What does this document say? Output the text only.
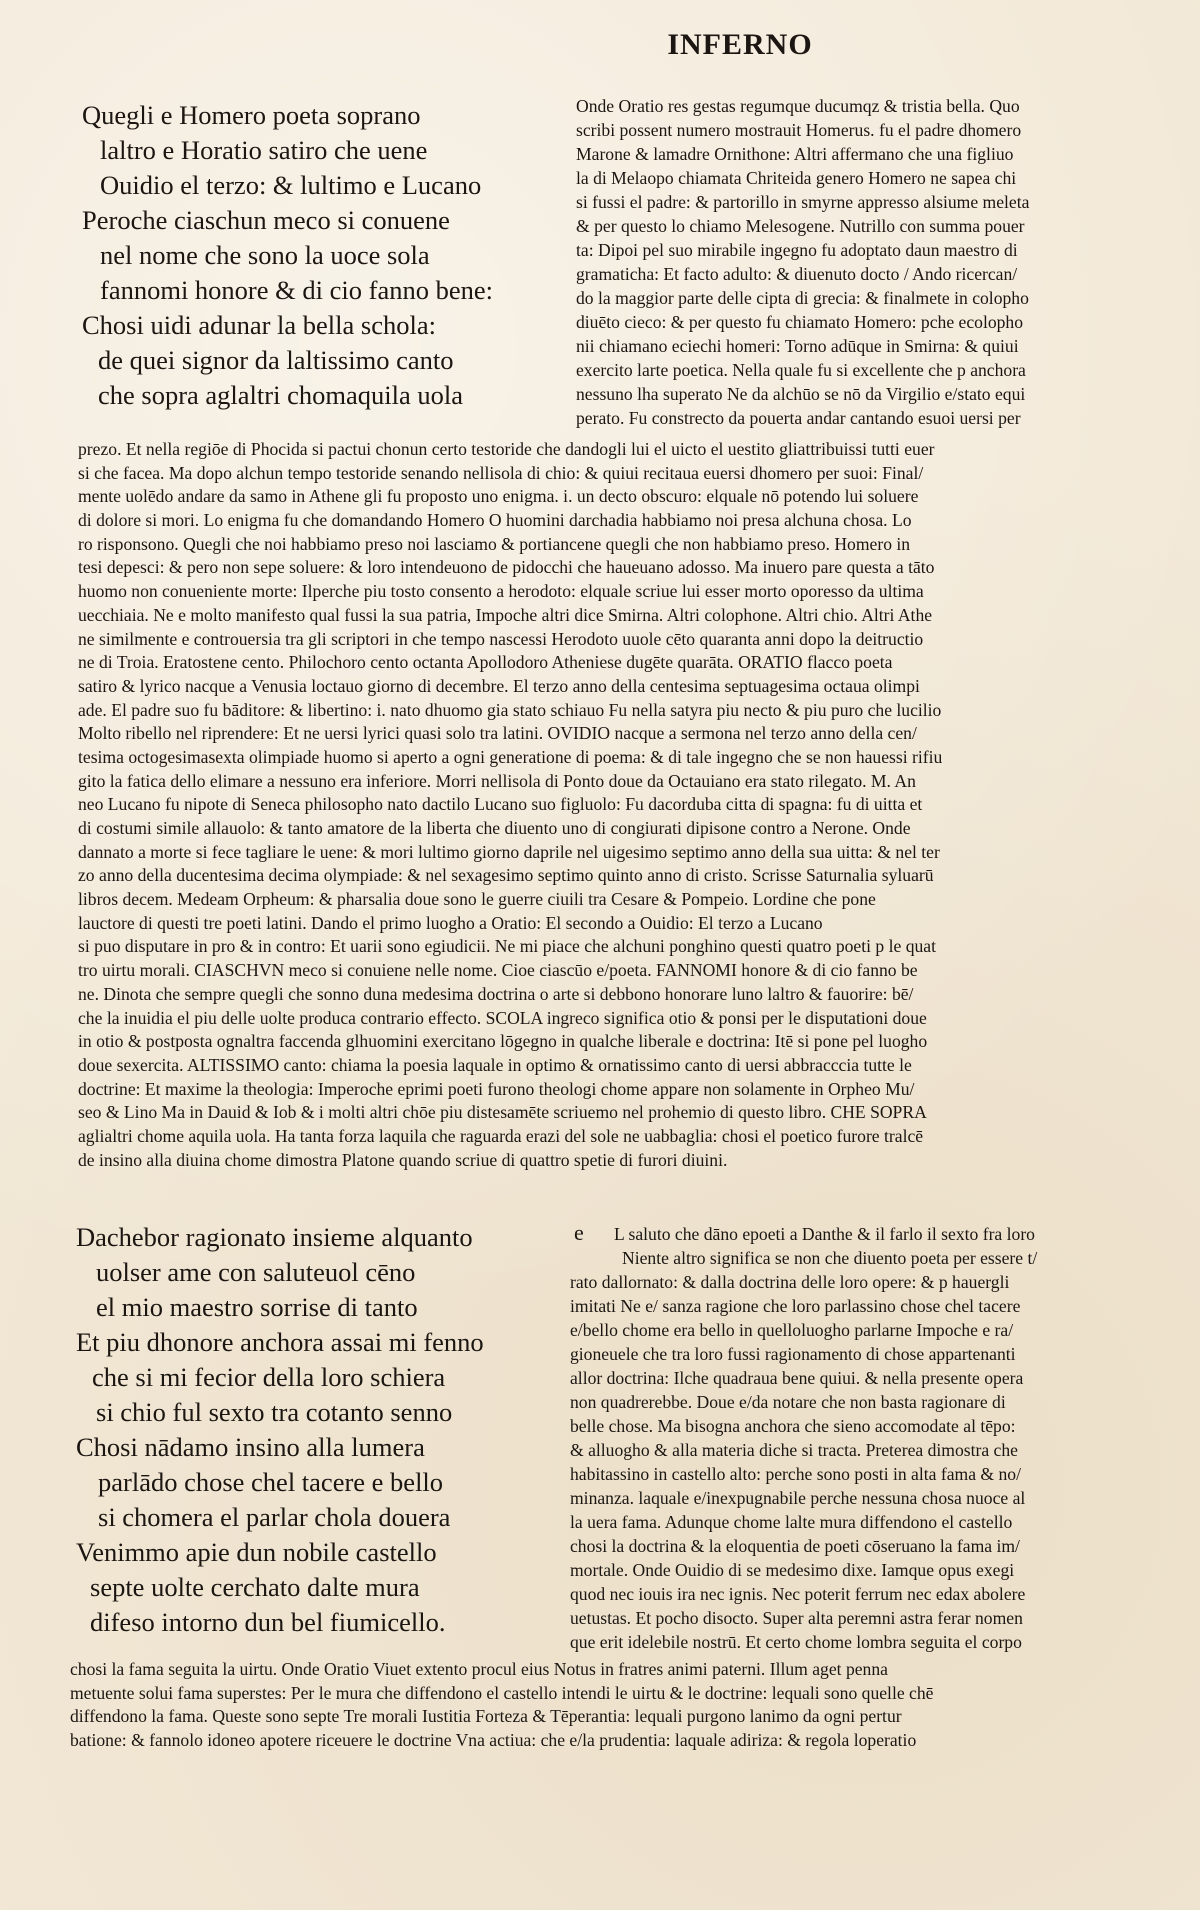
INFERNO
Quegli e Homero poeta soprano
laltro e Horatio satiro che uene
Ouidio el terzo: & lultimo e Lucano
Peroche ciaschun meco si conuene
nel nome che sono la uoce sola
fannomi honore & di cio fanno bene:
Chosi uidi adunar la bella schola:
de quei signor da laltissimo canto
che sopra aglaltri chomaquila uola
Onde Oratio res gestas regumque ducumqz & tristia bella. Quo
scribi possent numero mostrauit Homerus. fu el padre dhomero
Marone & lamadre Ornithone: Altri affermano che una figliuo
la di Melaopo chiamata Chriteida genero Homero ne sapea chi
si fussi el padre: & partorillo in smyrne appresso alsiume meleta
& per questo lo chiamo Melesogene. Nutrillo con summa pouer
ta: Dipoi pel suo mirabile ingegno fu adoptato daun maestro di
gramaticha: Et facto adulto: & diuenuto docto / Ando ricercan/
do la maggior parte delle cipta di grecia: & finalmete in colopho
diuēto cieco: & per questo fu chiamato Homero: pche ecolopho
nii chiamano eciechi homeri: Torno adūque in Smirna: & quiui
exercito larte poetica. Nella quale fu si excellente che p anchora
nessuno lha superato Ne da alchūo se nō da Virgilio e/stato equi
perato. Fu constrecto da pouerta andar cantando esuoi uersi per
prezo. Et nella regiōe di Phocida si pactui chonun certo testoride che dandogli lui el uicto el uestito gliattribuissi tutti euer
si che facea. Ma dopo alchun tempo testoride senando nellisola di chio: & quiui recitaua euersi dhomero per suoi: Final/
mente uolēdo andare da samo in Athene gli fu proposto uno enigma. i. un decto obscuro: elquale nō potendo lui soluere
di dolore si mori. Lo enigma fu che domandando Homero O huomini darchadia habbiamo noi presa alchuna chosa. Lo
ro risponsono. Quegli che noi habbiamo preso noi lasciamo & portiancene quegli che non habbiamo preso. Homero in
tesi depesci: & pero non sepe soluere: & loro intendeuono de pidocchi che haueuano adosso. Ma inuero pare questa a tāto
huomo non conueniente morte: Ilperche piu tosto consento a herodoto: elquale scriue lui esser morto oporesso da ultima
uecchiaia. Ne e molto manifesto qual fussi la sua patria, Impoche altri dice Smirna. Altri colophone. Altri chio. Altri Athe
ne similmente e controuersia tra gli scriptori in che tempo nascessi Herodoto uuole cēto quaranta anni dopo la deitructio
ne di Troia. Eratostene cento. Philochoro cento octanta Apollodoro Atheniese dugēte quarāta. ORATIO flacco poeta
satiro & lyrico nacque a Venusia loctauo giorno di decembre. El terzo anno della centesima septuagesima octaua olimpi
ade. El padre suo fu bāditore: & libertino: i. nato dhuomo gia stato schiauo Fu nella satyra piu necto & piu puro che lucilio
Molto ribello nel riprendere: Et ne uersi lyrici quasi solo tra latini. OVIDIO nacque a sermona nel terzo anno della cen/
tesima octogesimasexta olimpiade huomo si aperto a ogni generatione di poema: & di tale ingegno che se non hauessi rifiu
gito la fatica dello elimare a nessuno era inferiore. Morri nellisola di Ponto doue da Octauiano era stato rilegato. M. An
neo Lucano fu nipote di Seneca philosopho nato dactilo Lucano suo figluolo: Fu dacorduba citta di spagna: fu di uitta et
di costumi simile allauolo: & tanto amatore de la liberta che diuento uno di congiurati dipisone contro a Nerone. Onde
dannato a morte si fece tagliare le uene: & mori lultimo giorno daprile nel uigesimo septimo anno della sua uitta: & nel ter
zo anno della ducentesima decima olympiade: & nel sexagesimo septimo quinto anno di cristo. Scrisse Saturnalia syluarū
libros decem. Medeam Orpheum: & pharsalia doue sono le guerre ciuili tra Cesare & Pompeio. Lordine che pone
lauctore di questi tre poeti latini. Dando el primo luogho a Oratio: El secondo a Ouidio: El terzo a Lucano
si puo disputare in pro & in contro: Et uarii sono egiudicii. Ne mi piace che alchuni ponghino questi quatro poeti p le quat
tro uirtu morali. CIASCHVN meco si conuiene nelle nome. Cioe ciascūo e/poeta. FANNOMI honore & di cio fanno be
ne. Dinota che sempre quegli che sonno duna medesima doctrina o arte si debbono honorare luno laltro & fauorire: bē/
che la inuidia el piu delle uolte produca contrario effecto. SCOLA ingreco significa otio & ponsi per le disputationi doue
in otio & postposta ognaltra faccenda glhuomini exercitano lōgegno in qualche liberale e doctrina: Itē si pone pel luogho
doue sexercita. ALTISSIMO canto: chiama la poesia laquale in optimo & ornatissimo canto di uersi abbracccia tutte le
doctrine: Et maxime la theologia: Imperoche eprimi poeti furono theologi chome appare non solamente in Orpheo Mu/
seo & Lino Ma in Dauid & Iob & i molti altri chōe piu distesamēte scriuemo nel prohemio di questo libro. CHE SOPRA
aglialtri chome aquila uola. Ha tanta forza laquila che raguarda erazi del sole ne uabbaglia: chosi el poetico furore tralcē
de insino alla diuina chome dimostra Platone quando scriue di quattro spetie di furori diuini.
Dachebor ragionato insieme alquanto
uolser ame con saluteuol cēno
el mio maestro sorrise di tanto
Et piu dhonore anchora assai mi fenno
che si mi fecior della loro schiera
si chio ful sexto tra cotanto senno
Chosi nādamo insino alla lumera
parlādo chose chel tacere e bello
si chomera el parlar chola douera
Venimmo apie dun nobile castello
septe uolte cerchato dalte mura
difeso intorno dun bel fiumicello.
e	L saluto che dāno epoeti a Danthe & il farlo il sexto fra loro
Niente altro significa se non che diuento poeta per essere t/
rato dallornato: & dalla doctrina delle loro opere: & p hauergli
imitati Ne e/ sanza ragione che loro parlassino chose chel tacere
e/bello chome era bello in quelloluogho parlarne Impoche e ra/
gioneuele che tra loro fussi ragionamento di chose appartenanti
allor doctrina: Ilche quadraua bene quiui. & nella presente opera
non quadrerebbe. Doue e/da notare che non basta ragionare di
belle chose. Ma bisogna anchora che sieno accomodate al tēpo:
& alluogho & alla materia diche si tracta. Preterea dimostra che
habitassino in castello alto: perche sono posti in alta fama & no/
minanza. laquale e/inexpugnabile perche nessuna chosa nuoce al
la uera fama. Adunque chome lalte mura diffendono el castello
chosi la doctrina & la eloquentia de poeti cōseruano la fama im/
mortale. Onde Ouidio di se medesimo dixe. Iamque opus exegi
quod nec iouis ira nec ignis. Nec poterit ferrum nec edax abolere
uetustas. Et pocho disocto. Super alta peremni astra ferar nomen
que erit idelebile nostrū. Et certo chome lombra seguita el corpo
chosi la fama seguita la uirtu. Onde Oratio Viuet extento procul eius Notus in fratres animi paterni. Illum aget penna
metuente solui fama superstes: Per le mura che diffendono el castello intendi le uirtu & le doctrine: lequali sono quelle chē
diffendono la fama. Queste sono septe Tre morali Iustitia Forteza & Tēperantia: lequali purgono lanimo da ogni pertur
batione: & fannolo idoneo apotere riceuere le doctrine Vna actiua: che e/la prudentia: laquale adiriza: & regola loperatio
